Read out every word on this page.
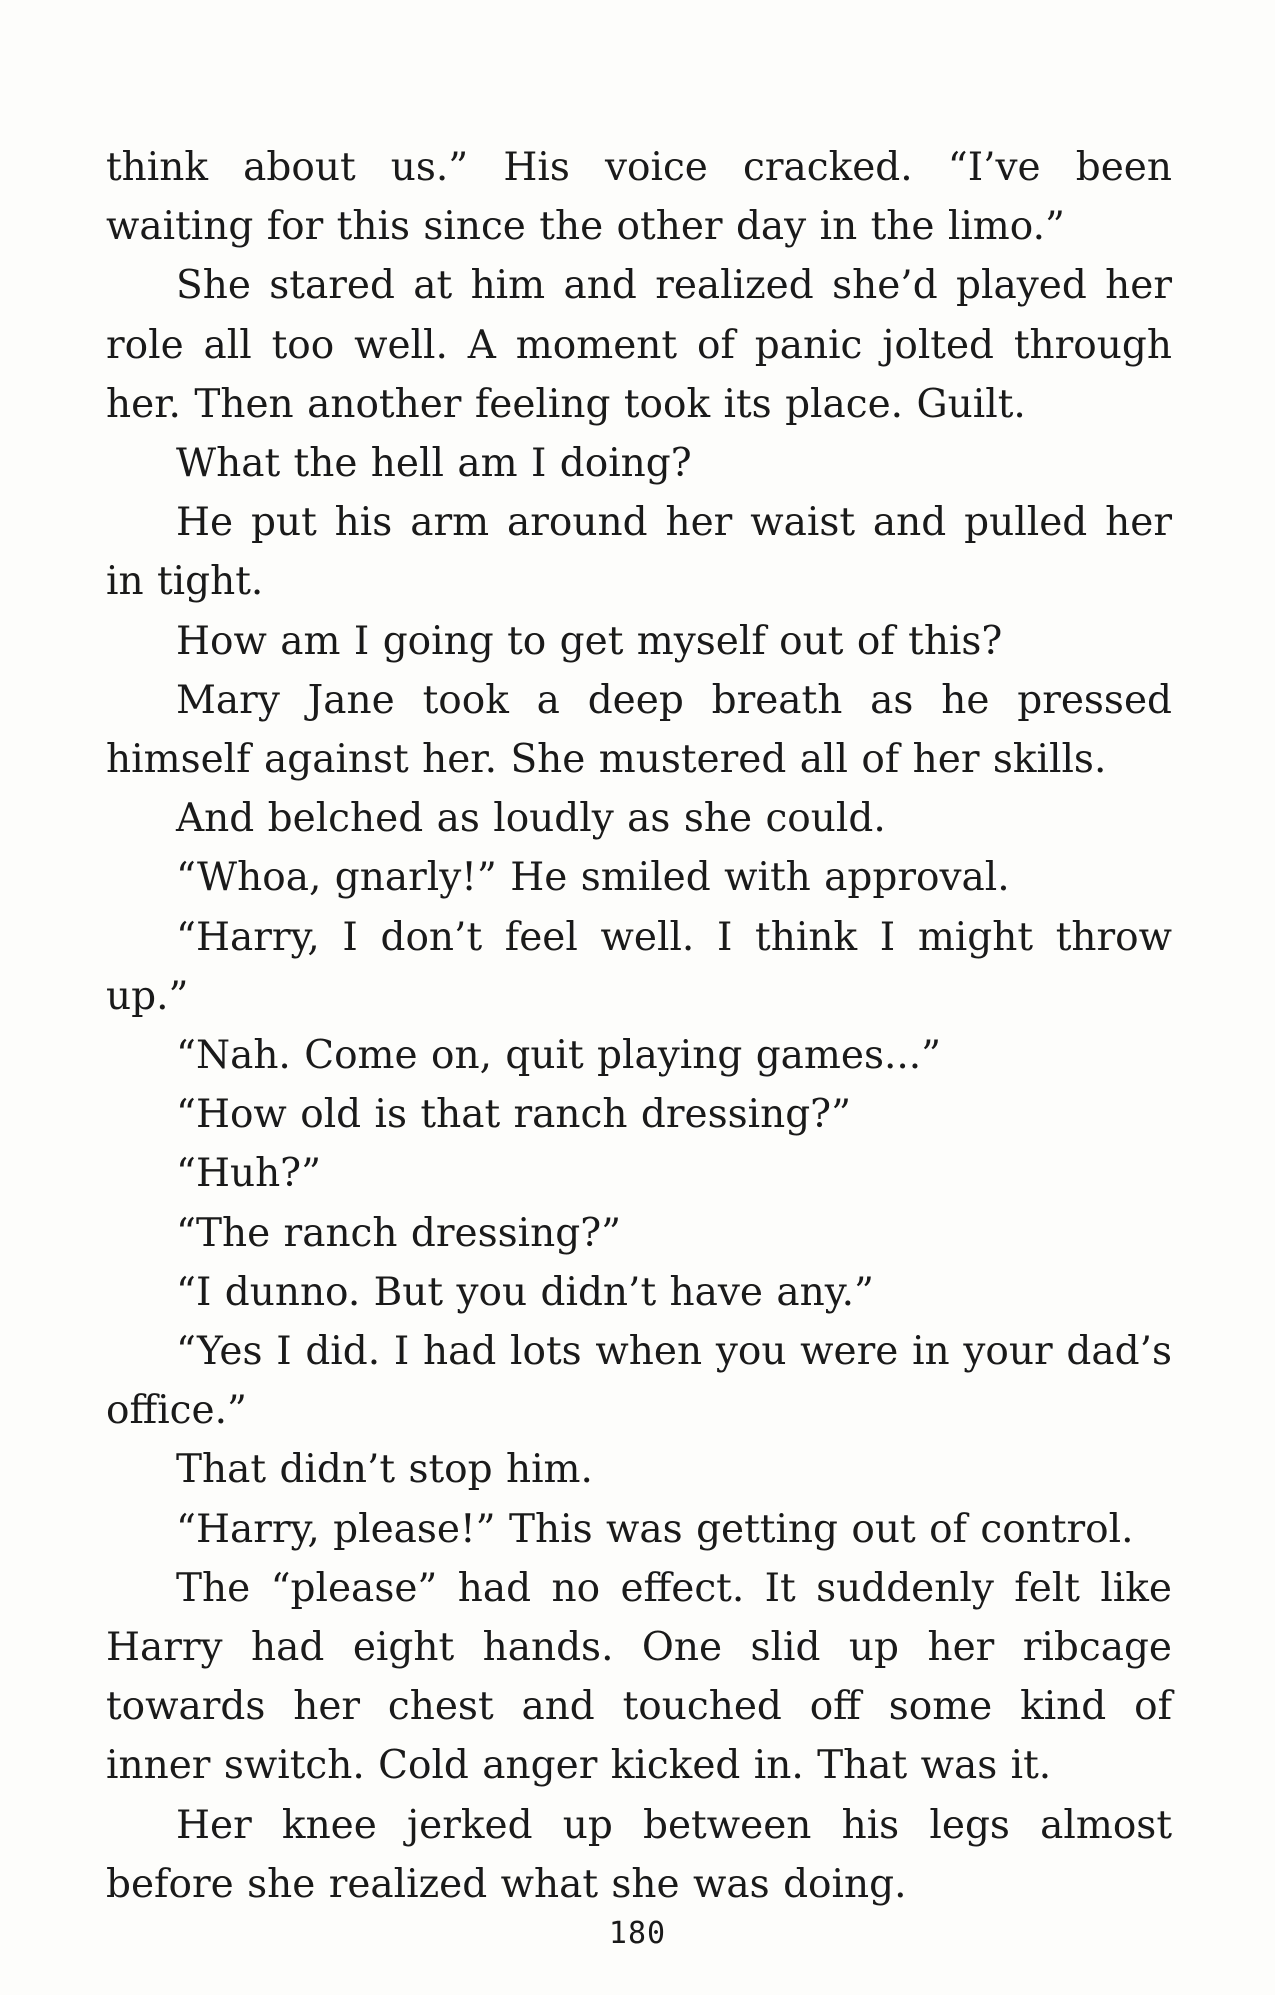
think about us.” His voice cracked. “I’ve been waiting for this since the other day in the limo.”

She stared at him and realized she’d played her role all too well. A moment of panic jolted through her. Then another feeling took its place. Guilt.

What the hell am I doing?

He put his arm around her waist and pulled her in tight.

How am I going to get myself out of this?

Mary Jane took a deep breath as he pressed himself against her. She mustered all of her skills.

And belched as loudly as she could.

“Whoa, gnarly!” He smiled with approval.

“Harry, I don’t feel well. I think I might throw up.”

“Nah. Come on, quit playing games...”

“How old is that ranch dressing?”

“Huh?”

“The ranch dressing?”

“I dunno. But you didn’t have any.”

“Yes I did. I had lots when you were in your dad’s office.”

That didn’t stop him.

“Harry, please!” This was getting out of control.

The “please” had no effect. It suddenly felt like Harry had eight hands. One slid up her ribcage towards her chest and touched off some kind of inner switch. Cold anger kicked in. That was it.

Her knee jerked up between his legs almost before she realized what she was doing.

180
